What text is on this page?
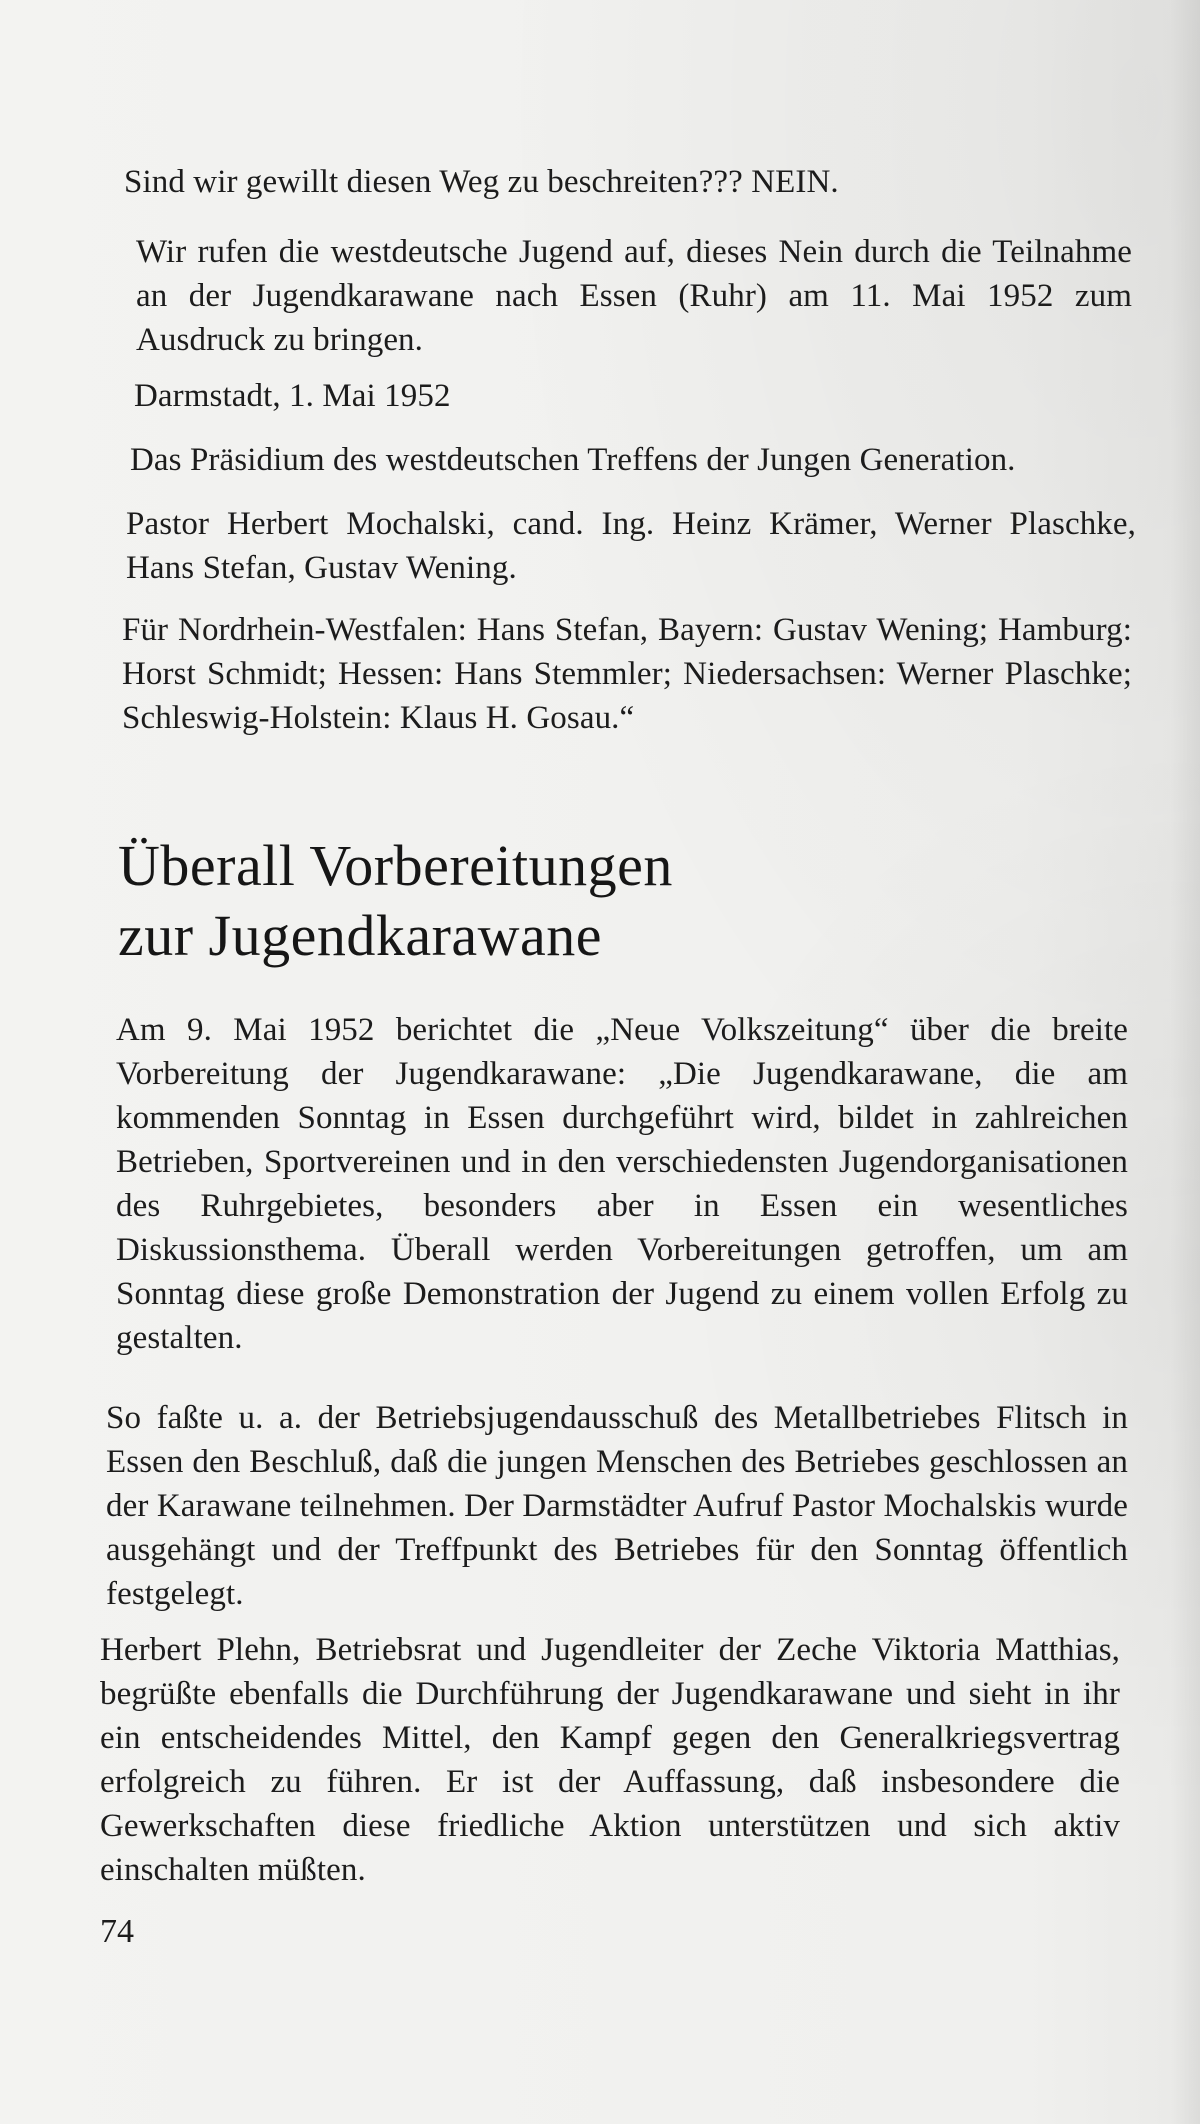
Sind wir gewillt diesen Weg zu beschreiten??? NEIN.

Wir rufen die westdeutsche Jugend auf, dieses Nein durch die Teilnahme an der Jugendkarawane nach Essen (Ruhr) am 11. Mai 1952 zum Ausdruck zu bringen.

Darmstadt, 1. Mai 1952

Das Präsidium des westdeutschen Treffens der Jungen Generation.

Pastor Herbert Mochalski, cand. Ing. Heinz Krämer, Werner Plaschke, Hans Stefan, Gustav Wening.

Für Nordrhein-Westfalen: Hans Stefan, Bayern: Gustav Wening; Hamburg: Horst Schmidt; Hessen: Hans Stemmler; Niedersachsen: Werner Plaschke; Schleswig-Holstein: Klaus H. Gosau.“

Überall Vorbereitungen
zur Jugendkarawane

Am 9. Mai 1952 berichtet die „Neue Volkszeitung“ über die breite Vorbereitung der Jugendkarawane: „Die Jugendkarawane, die am kommenden Sonntag in Essen durchgeführt wird, bildet in zahlreichen Betrieben, Sportvereinen und in den verschiedensten Jugendorganisationen des Ruhrgebietes, besonders aber in Essen ein wesentliches Diskussionsthema. Überall werden Vorbereitungen getroffen, um am Sonntag diese große Demonstration der Jugend zu einem vollen Erfolg zu gestalten.

So faßte u. a. der Betriebsjugendausschuß des Metallbetriebes Flitsch in Essen den Beschluß, daß die jungen Menschen des Betriebes geschlossen an der Karawane teilnehmen. Der Darmstädter Aufruf Pastor Mochalskis wurde ausgehängt und der Treffpunkt des Betriebes für den Sonntag öffentlich festgelegt.

Herbert Plehn, Betriebsrat und Jugendleiter der Zeche Viktoria Matthias, begrüßte ebenfalls die Durchführung der Jugendkarawane und sieht in ihr ein entscheidendes Mittel, den Kampf gegen den Generalkriegsvertrag erfolgreich zu führen. Er ist der Auffassung, daß insbesondere die Gewerkschaften diese friedliche Aktion unterstützen und sich aktiv einschalten müßten.

74
